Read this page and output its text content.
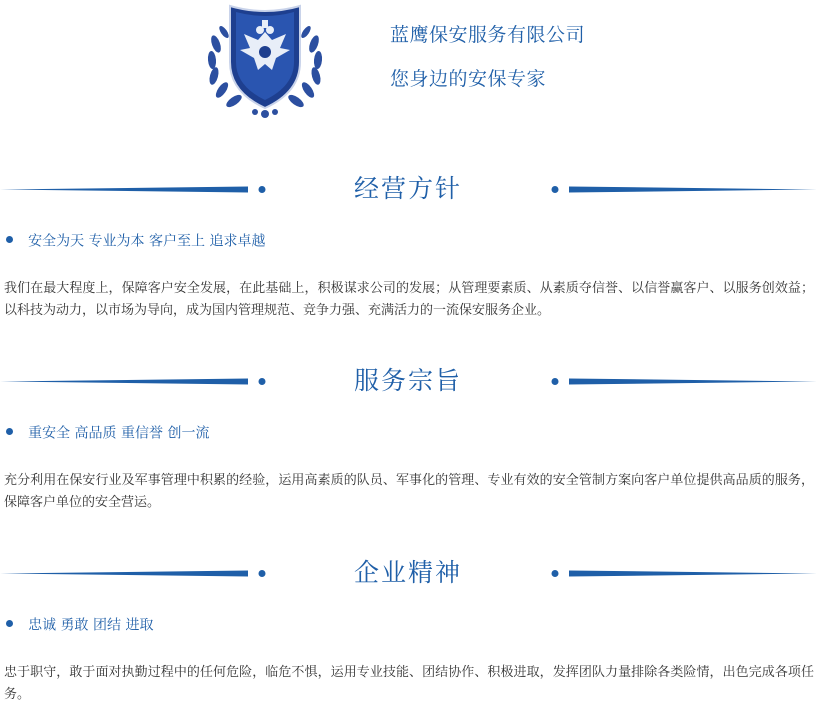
蓝鹰保安服务有限公司
您身边的安保专家
经营方针
安全为天 专业为本 客户至上 追求卓越
我们在最大程度上，保障客户安全发展，在此基础上，积极谋求公司的发展；从管理要素质、从素质夺信誉、以信誉赢客户、以服务创效益；以科技为动力，以市场为导向，成为国内管理规范、竞争力强、充满活力的一流保安服务企业。
服务宗旨
重安全 高品质 重信誉 创一流
充分利用在保安行业及军事管理中积累的经验，运用高素质的队员、军事化的管理、专业有效的安全管制方案向客户单位提供高品质的服务，保障客户单位的安全营运。
企业精神
忠诚 勇敢 团结 进取
忠于职守，敢于面对执勤过程中的任何危险，临危不惧，运用专业技能、团结协作、积极进取，发挥团队力量排除各类险情，出色完成各项任务。
